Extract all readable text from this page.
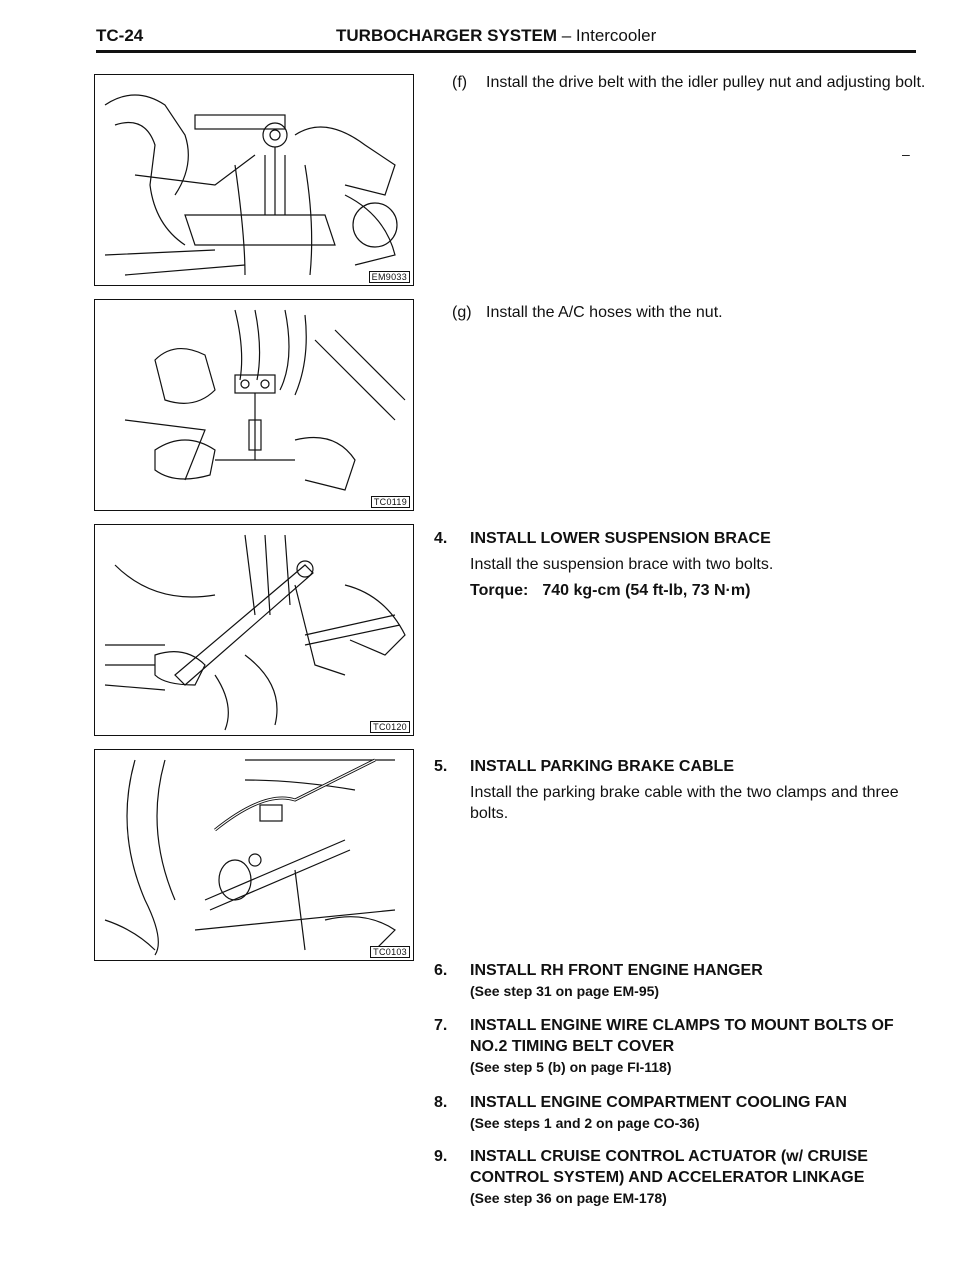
TC-24	TURBOCHARGER SYSTEM – Intercooler
EM9033
TC0119
TC0120
TC0103
(f)	Install the drive belt with the idler pulley nut and adjusting bolt.
–
(g) Install the A/C hoses with the nut.
4.	INSTALL LOWER SUSPENSION BRACE
Install the suspension brace with two bolts.
Torque: 740 kg-cm (54 ft-lb, 73 N·m)
5.	INSTALL PARKING BRAKE CABLE
Install the parking brake cable with the two clamps and three bolts.
6.	INSTALL RH FRONT ENGINE HANGER
(See step 31 on page EM-95)
7.	INSTALL ENGINE WIRE CLAMPS TO MOUNT BOLTS OF NO.2 TIMING BELT COVER
(See step 5 (b) on page FI-118)
8.	INSTALL ENGINE COMPARTMENT COOLING FAN
(See steps 1 and 2 on page CO-36)
9.	INSTALL CRUISE CONTROL ACTUATOR (w/ CRUISE CONTROL SYSTEM) AND ACCELERATOR LINKAGE
(See step 36 on page EM-178)
